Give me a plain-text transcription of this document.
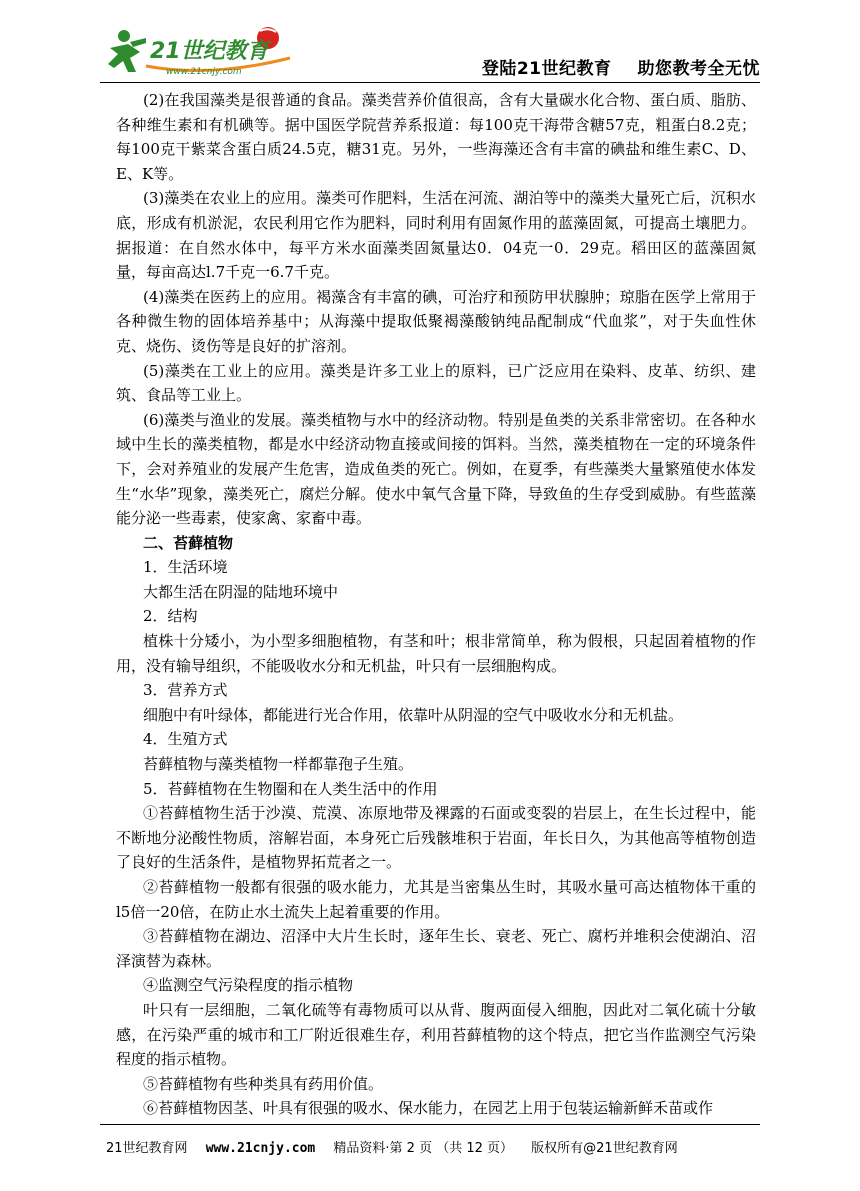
21世纪教育
www.21cnjy.com	登陆21世纪教育 助您教考全无忧

(2)在我国藻类是很普通的食品。藻类营养价值很高，含有大量碳水化合物、蛋白质、脂肪、各种维生素和有机碘等。据中国医学院营养系报道：每100克干海带含糖57克，粗蛋白8.2克；每100克干紫菜含蛋白质24.5克，糖31克。另外，一些海藻还含有丰富的碘盐和维生素C、D、E、K等。

(3)藻类在农业上的应用。藻类可作肥料，生活在河流、湖泊等中的藻类大量死亡后，沉积水底，形成有机淤泥，农民利用它作为肥料，同时利用有固氮作用的蓝藻固氮，可提高土壤肥力。据报道：在自然水体中，每平方米水面藻类固氮量达0．04克一0．29克。稻田区的蓝藻固氮量，每亩高达l.7千克一6.7千克。

(4)藻类在医药上的应用。褐藻含有丰富的碘，可治疗和预防甲状腺肿；琼脂在医学上常用于各种微生物的固体培养基中；从海藻中提取低聚褐藻酸钠纯品配制成“代血浆”，对于失血性休克、烧伤、烫伤等是良好的扩溶剂。

(5)藻类在工业上的应用。藻类是许多工业上的原料，已广泛应用在染料、皮革、纺织、建筑、食品等工业上。

(6)藻类与渔业的发展。藻类植物与水中的经济动物。特别是鱼类的关系非常密切。在各种水域中生长的藻类植物，都是水中经济动物直接或间接的饵料。当然，藻类植物在一定的环境条件下，会对养殖业的发展产生危害，造成鱼类的死亡。例如，在夏季，有些藻类大量繁殖使水体发生“水华”现象，藻类死亡，腐烂分解。使水中氧气含量下降，导致鱼的生存受到威胁。有些蓝藻能分泌一些毒素，使家禽、家畜中毒。

二、苔藓植物

1．生活环境

大都生活在阴湿的陆地环境中

2．结构

植株十分矮小，为小型多细胞植物，有茎和叶；根非常简单，称为假根，只起固着植物的作用，没有输导组织，不能吸收水分和无机盐，叶只有一层细胞构成。

3．营养方式

细胞中有叶绿体，都能进行光合作用，依靠叶从阴湿的空气中吸收水分和无机盐。

4．生殖方式

苔藓植物与藻类植物一样都靠孢子生殖。

5．苔藓植物在生物圈和在人类生活中的作用

①苔藓植物生活于沙漠、荒漠、冻原地带及裸露的石面或变裂的岩层上，在生长过程中，能不断地分泌酸性物质，溶解岩面，本身死亡后残骸堆积于岩面，年长日久，为其他高等植物创造了良好的生活条件，是植物界拓荒者之一。

②苔藓植物一般都有很强的吸水能力，尤其是当密集丛生时，其吸水量可高达植物体干重的l5倍一20倍，在防止水土流失上起着重要的作用。

③苔藓植物在湖边、沼泽中大片生长时，逐年生长、衰老、死亡、腐朽并堆积会使湖泊、沼泽演替为森林。

④监测空气污染程度的指示植物

叶只有一层细胞，二氧化硫等有毒物质可以从背、腹两面侵入细胞，因此对二氧化硫十分敏感，在污染严重的城市和工厂附近很难生存，利用苔藓植物的这个特点，把它当作监测空气污染程度的指示植物。

⑤苔藓植物有些种类具有药用价值。

⑥苔藓植物因茎、叶具有很强的吸水、保水能力，在园艺上用于包装运输新鲜禾苗或作

21世纪教育网 www.21cnjy.com 精品资料·第 2 页 （共 12 页） 版权所有@21世纪教育网
